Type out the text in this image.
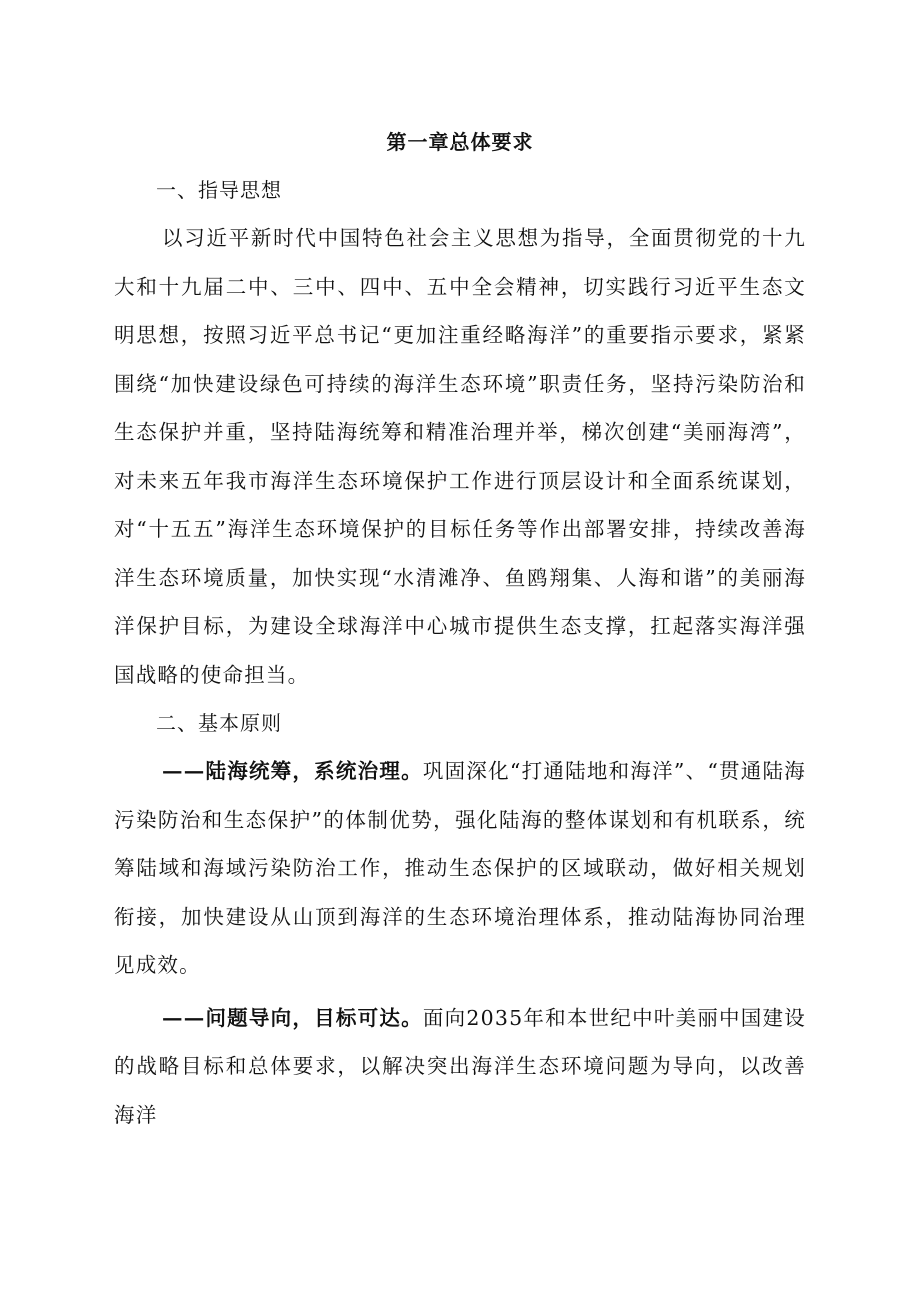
第一章总体要求

一、指导思想

以习近平新时代中国特色社会主义思想为指导，全面贯彻党的十九大和十九届二中、三中、四中、五中全会精神，切实践行习近平生态文明思想，按照习近平总书记“更加注重经略海洋”的重要指示要求，紧紧围绕“加快建设绿色可持续的海洋生态环境”职责任务，坚持污染防治和生态保护并重，坚持陆海统筹和精准治理并举，梯次创建“美丽海湾”，对未来五年我市海洋生态环境保护工作进行顶层设计和全面系统谋划，对“十五五”海洋生态环境保护的目标任务等作出部署安排，持续改善海洋生态环境质量，加快实现“水清滩净、鱼鸥翔集、人海和谐”的美丽海洋保护目标，为建设全球海洋中心城市提供生态支撑，扛起落实海洋强国战略的使命担当。

二、基本原则

——陆海统筹，系统治理。巩固深化“打通陆地和海洋”、“贯通陆海污染防治和生态保护”的体制优势，强化陆海的整体谋划和有机联系，统筹陆域和海域污染防治工作，推动生态保护的区域联动，做好相关规划衔接，加快建设从山顶到海洋的生态环境治理体系，推动陆海协同治理见成效。

——问题导向，目标可达。面向2035年和本世纪中叶美丽中国建设的战略目标和总体要求，以解决突出海洋生态环境问题为导向，以改善海洋
